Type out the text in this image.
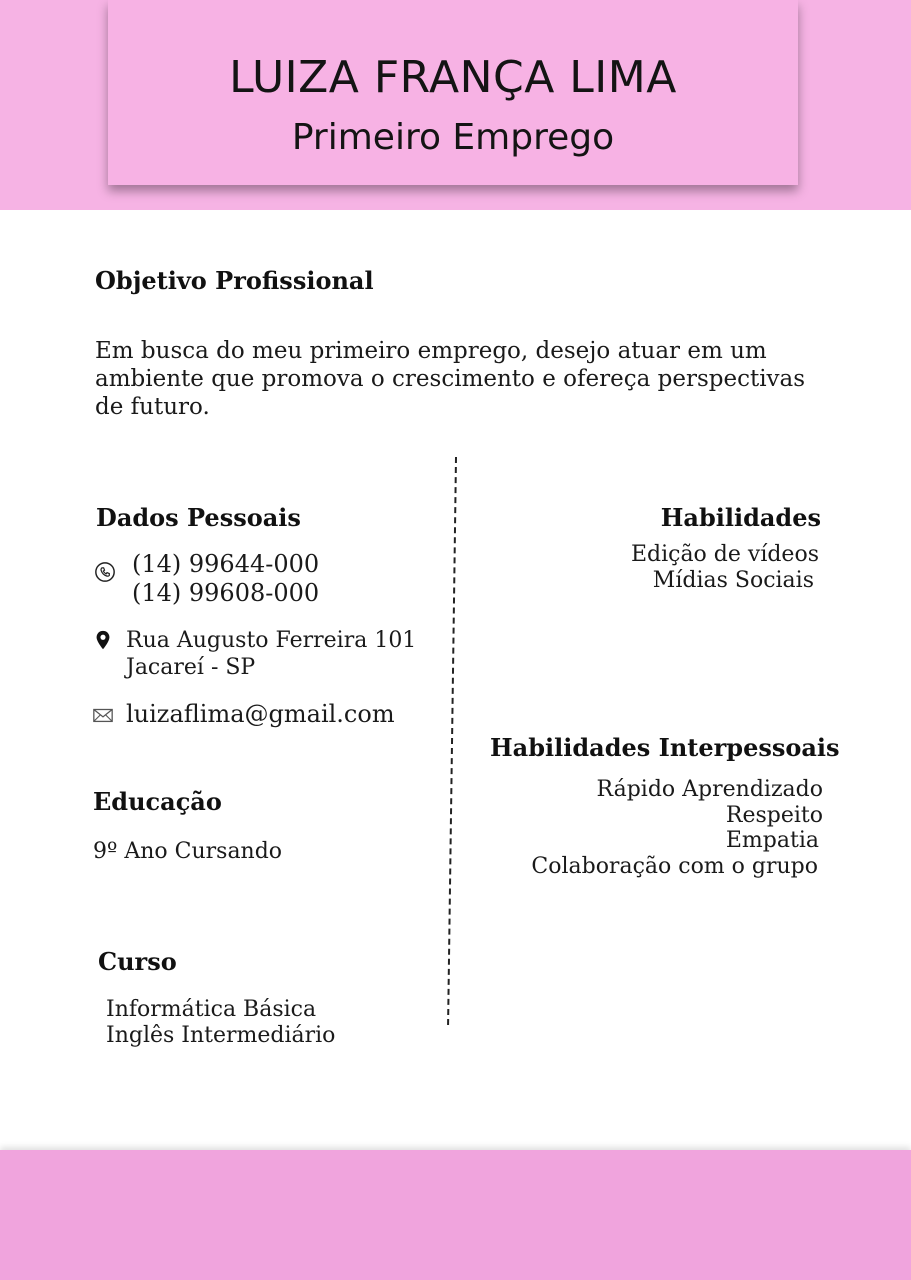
LUIZA FRANÇA LIMA
Primeiro Emprego
Objetivo Profissional
Em busca do meu primeiro emprego, desejo atuar em um
ambiente que promova o crescimento e ofereça perspectivas
de futuro.
Dados Pessoais
(14) 99644-000
(14) 99608-000
Rua Augusto Ferreira 101
Jacareí - SP
luizaflima@gmail.com
Educação
9º Ano Cursando
Curso
Informática Básica
Inglês Intermediário
Habilidades
Edição de vídeos
Mídias Sociais
Habilidades Interpessoais
Rápido Aprendizado
Respeito
Empatia
Colaboração com o grupo
